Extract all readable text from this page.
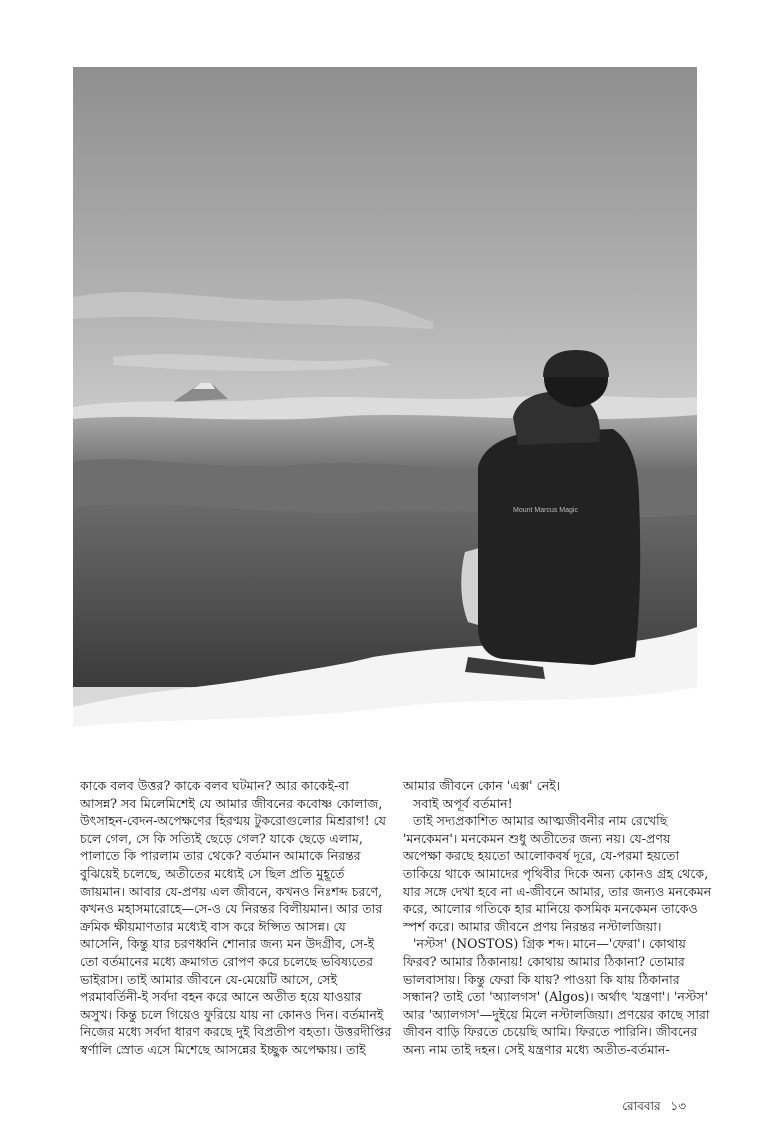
Mount Marcus Magic

কাকে বলব উত্তর? কাকে বলব ঘটমান? আর কাকেই-বা

আসন্ন? সব মিলেমিশেই যে আমার জীবনের কবোষ্ণ কোলাজ,

উৎসাহন-বেদন-অপেক্ষণের হিরণ্ময় টুকরোগুলোর মিশ্ররাগ! যে

চলে গেল, সে কি সত্যিই ছেড়ে গেল? যাকে ছেড়ে এলাম,

পালাতে কি পারলাম তার থেকে? বর্তমান আমাকে নিরন্তর

বুঝিয়েই চলেছে, অতীতের মধ্যেই সে ছিল প্রতি মুহূর্তে

জায়মান। আবার যে-প্রণয় এল জীবনে, কখনও নিঃশব্দ চরণে,

কখনও মহাসমারোহে—সে-ও যে নিরন্তর বিলীয়মান। আর তার

ক্রমিক ক্ষীয়মাণতার মধ্যেই বাস করে ঈপ্সিত আসন্ন। যে

আসেনি, কিন্তু যার চরণধ্বনি শোনার জন্য মন উদগ্রীব, সে-ই

তো বর্তমানের মধ্যে ক্রমাগত রোপণ করে চলেছে ভবিষ্যতের

ভাইরাস। তাই আমার জীবনে যে-মেয়েটি আসে, সেই

পরমাবর্তিনী-ই সর্বদা বহন করে আনে অতীত হয়ে যাওয়ার

অসুখ। কিন্তু চলে গিয়েও ফুরিয়ে যায় না কোনও দিন। বর্তমানই

নিজের মধ্যে সর্বদা ধারণ করছে দুই বিপ্রতীপ বহতা। উত্তরদীপ্তির

স্বর্ণালি স্রোত এসে মিশেছে আসন্নের ইচ্ছুক অপেক্ষায়। তাই

আমার জীবনে কোন 'এক্স' নেই।

সবাই অপূর্ব বর্তমান!

তাই সদ্যপ্রকাশিত আমার আত্মজীবনীর নাম রেখেছি

'মনকেমন'। মনকেমন শুধু অতীতের জন্য নয়। যে-প্রণয়

অপেক্ষা করছে হয়তো আলোকবর্ষ দূরে, যে-পরমা হয়তো

তাকিয়ে থাকে আমাদের পৃথিবীর দিকে অন্য কোনও গ্রহ থেকে,

যার সঙ্গে দেখা হবে না এ-জীবনে আমার, তার জন্যও মনকেমন

করে, আলোর গতিকে হার মানিয়ে কসমিক মনকেমন তাকেও

স্পর্শ করে। আমার জীবনে প্রণয় নিরন্তর নস্টালজিয়া।

'নস্টস' (NOSTOS) গ্রিক শব্দ। মানে—'ফেরা'। কোথায়

ফিরব? আমার ঠিকানায়! কোথায় আমার ঠিকানা? তোমার

ভালবাসায়। কিন্তু ফেরা কি যায়? পাওয়া কি যায় ঠিকানার

সন্ধান? তাই তো 'অ্যালগস' (Algos)। অর্থাৎ 'যন্ত্রণা'। 'নস্টস'

আর 'অ্যালগস'—দুইয়ে মিলে নস্টালজিয়া। প্রণয়ের কাছে সারা

জীবন বাড়ি ফিরতে চেয়েছি আমি। ফিরতে পারিনি। জীবনের

অন্য নাম তাই দহন। সেই যন্ত্রণার মধ্যে অতীত-বর্তমান-

রোববার ১৩
